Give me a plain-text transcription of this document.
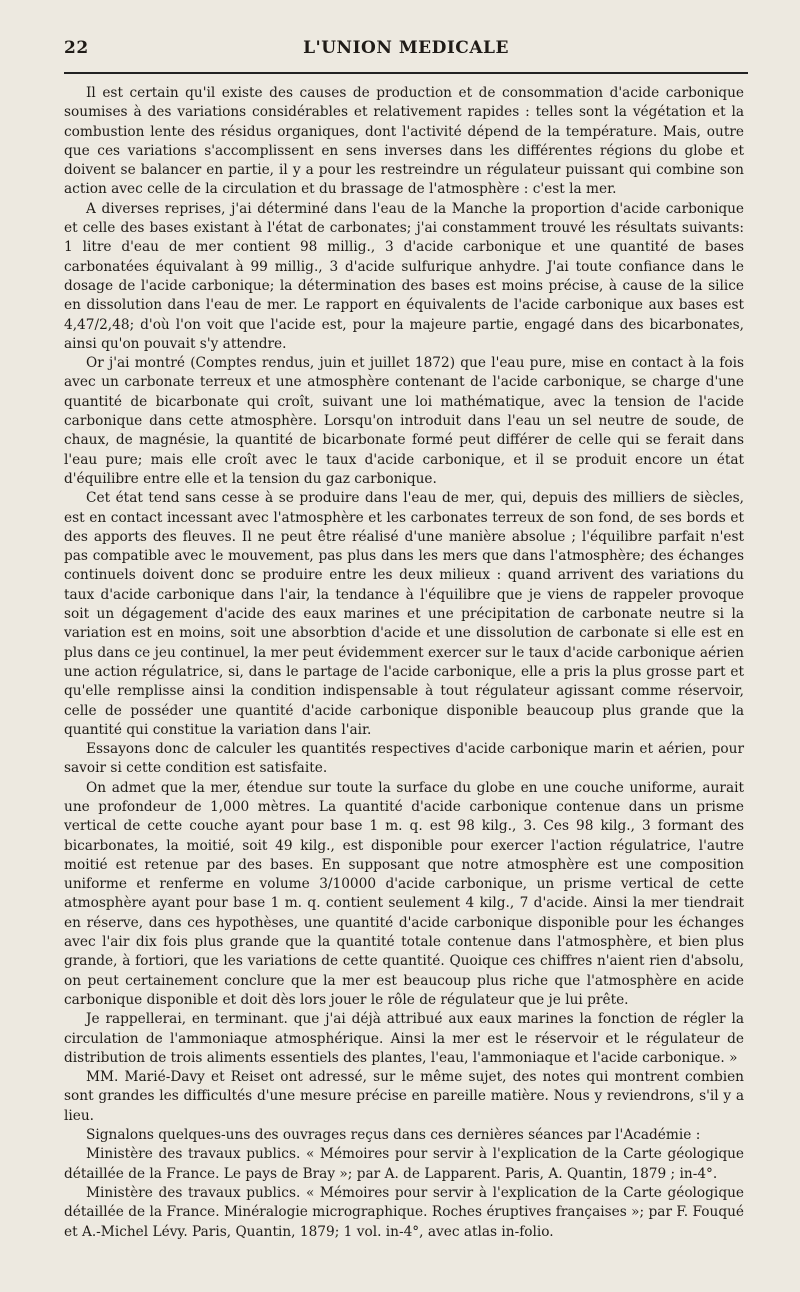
22	L'UNION MEDICALE

Il est certain qu'il existe des causes de production et de consommation d'acide carbonique soumises à des variations considérables et relativement rapides : telles sont la végétation et la combustion lente des résidus organiques, dont l'activité dépend de la température. Mais, outre que ces variations s'accomplissent en sens inverses dans les différentes régions du globe et doivent se balancer en partie, il y a pour les restreindre un régulateur puissant qui combine son action avec celle de la circulation et du brassage de l'atmosphère : c'est la mer.

A diverses reprises, j'ai déterminé dans l'eau de la Manche la proportion d'acide carbonique et celle des bases existant à l'état de carbonates; j'ai constamment trouvé les résultats suivants: 1 litre d'eau de mer contient 98 millig., 3 d'acide carbonique et une quantité de bases carbonatées équivalant à 99 millig., 3 d'acide sulfurique anhydre. J'ai toute confiance dans le dosage de l'acide carbonique; la détermination des bases est moins précise, à cause de la silice en dissolution dans l'eau de mer. Le rapport en équivalents de l'acide carbonique aux bases est 4,47/2,48; d'où l'on voit que l'acide est, pour la majeure partie, engagé dans des bicarbonates, ainsi qu'on pouvait s'y attendre.

Or j'ai montré (Comptes rendus, juin et juillet 1872) que l'eau pure, mise en contact à la fois avec un carbonate terreux et une atmosphère contenant de l'acide carbonique, se charge d'une quantité de bicarbonate qui croît, suivant une loi mathématique, avec la tension de l'acide carbonique dans cette atmosphère. Lorsqu'on introduit dans l'eau un sel neutre de soude, de chaux, de magnésie, la quantité de bicarbonate formé peut différer de celle qui se ferait dans l'eau pure; mais elle croît avec le taux d'acide carbonique, et il se produit encore un état d'équilibre entre elle et la tension du gaz carbonique.

Cet état tend sans cesse à se produire dans l'eau de mer, qui, depuis des milliers de siècles, est en contact incessant avec l'atmosphère et les carbonates terreux de son fond, de ses bords et des apports des fleuves. Il ne peut être réalisé d'une manière absolue ; l'équilibre parfait n'est pas compatible avec le mouvement, pas plus dans les mers que dans l'atmosphère; des échanges continuels doivent donc se produire entre les deux milieux : quand arrivent des variations du taux d'acide carbonique dans l'air, la tendance à l'équilibre que je viens de rappeler provoque soit un dégagement d'acide des eaux marines et une précipitation de carbonate neutre si la variation est en moins, soit une absorbtion d'acide et une dissolution de carbonate si elle est en plus dans ce jeu continuel, la mer peut évidemment exercer sur le taux d'acide carbonique aérien une action régulatrice, si, dans le partage de l'acide carbonique, elle a pris la plus grosse part et qu'elle remplisse ainsi la condition indispensable à tout régulateur agissant comme réservoir, celle de posséder une quantité d'acide carbonique disponible beaucoup plus grande que la quantité qui constitue la variation dans l'air.

Essayons donc de calculer les quantités respectives d'acide carbonique marin et aérien, pour savoir si cette condition est satisfaite.

On admet que la mer, étendue sur toute la surface du globe en une couche uniforme, aurait une profondeur de 1,000 mètres. La quantité d'acide carbonique contenue dans un prisme vertical de cette couche ayant pour base 1 m. q. est 98 kilg., 3. Ces 98 kilg., 3 formant des bicarbonates, la moitié, soit 49 kilg., est disponible pour exercer l'action régulatrice, l'autre moitié est retenue par des bases. En supposant que notre atmosphère est une composition uniforme et renferme en volume 3/10000 d'acide carbonique, un prisme vertical de cette atmosphère ayant pour base 1 m. q. contient seulement 4 kilg., 7 d'acide. Ainsi la mer tiendrait en réserve, dans ces hypothèses, une quantité d'acide carbonique disponible pour les échanges avec l'air dix fois plus grande que la quantité totale contenue dans l'atmosphère, et bien plus grande, à fortiori, que les variations de cette quantité. Quoique ces chiffres n'aient rien d'absolu, on peut certainement conclure que la mer est beaucoup plus riche que l'atmosphère en acide carbonique disponible et doit dès lors jouer le rôle de régulateur que je lui prête.

Je rappellerai, en terminant. que j'ai déjà attribué aux eaux marines la fonction de régler la circulation de l'ammoniaque atmosphérique. Ainsi la mer est le réservoir et le régulateur de distribution de trois aliments essentiels des plantes, l'eau, l'ammoniaque et l'acide carbonique. »

MM. Marié-Davy et Reiset ont adressé, sur le même sujet, des notes qui montrent combien sont grandes les difficultés d'une mesure précise en pareille matière. Nous y reviendrons, s'il y a lieu.

Signalons quelques-uns des ouvrages reçus dans ces dernières séances par l'Académie :

Ministère des travaux publics. « Mémoires pour servir à l'explication de la Carte géologique détaillée de la France. Le pays de Bray »; par A. de Lapparent. Paris, A. Quantin, 1879 ; in-4°.

Ministère des travaux publics. « Mémoires pour servir à l'explication de la Carte géologique détaillée de la France. Minéralogie micrographique. Roches éruptives françaises »; par F. Fouqué et A.-Michel Lévy. Paris, Quantin, 1879; 1 vol. in-4°, avec atlas in-folio.
